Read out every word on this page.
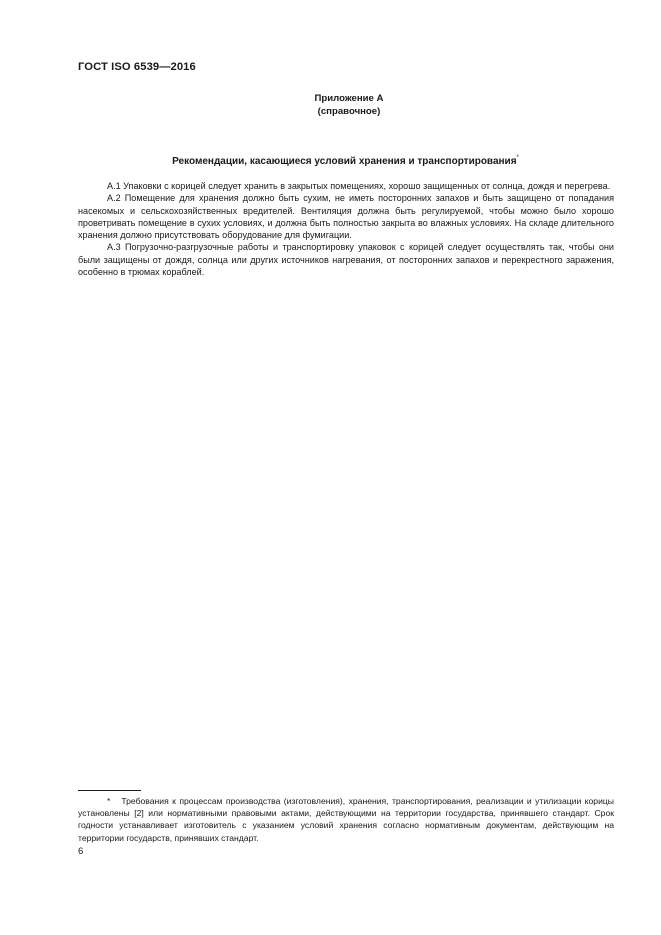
ГОСТ ISO 6539—2016
Приложение А
(справочное)
Рекомендации, касающиеся условий хранения и транспортирования*

А.1 Упаковки с корицей следует хранить в закрытых помещениях, хорошо защищенных от солнца, дождя и перегрева.

А.2 Помещение для хранения должно быть сухим, не иметь посторонних запахов и быть защищено от попадания насекомых и сельскохозяйственных вредителей. Вентиляция должна быть регулируемой, чтобы можно было хорошо проветривать помещение в сухих условиях, и должна быть полностью закрыта во влажных условиях. На складе длительного хранения должно присутствовать оборудование для фумигации.

А.3 Погрузочно-разгрузочные работы и транспортировку упаковок с корицей следует осуществлять так, чтобы они были защищены от дождя, солнца или других источников нагревания, от посторонних запахов и перекрестного заражения, особенно в трюмах кораблей.

* Требования к процессам производства (изготовления), хранения, транспортирования, реализации и утилизации корицы установлены [2] или нормативными правовыми актами, действующими на территории государства, принявшего стандарт. Срок годности устанавливает изготовитель с указанием условий хранения согласно нормативным документам, действующим на территории государств, принявших стандарт.

6
